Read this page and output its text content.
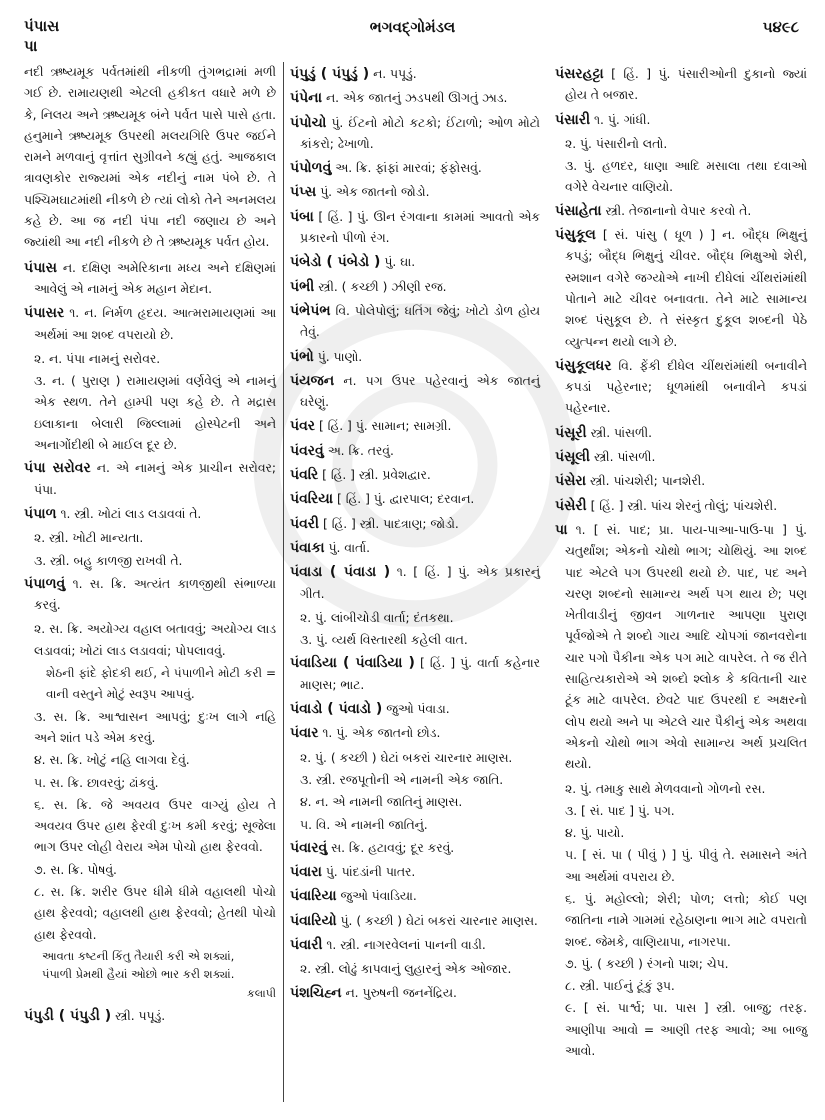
પંપાસ
પા
ભગવદ્ગોમંડલ	૫૪૯૮
નદી ઋષ્યમૂક પર્વતમાંથી નીકળી તુંગભદ્રામાં મળી ગઈ છે. રામાયણથી એટલી હકીકત વધારે મળે છે કે, નિલય અને ઋષ્યમૂક બંને પર્વત પાસે પાસે હતા. હનુમાને ઋષ્યમૂક ઉપરથી મલયગિરિ ઉપર જઈને રામને મળવાનું વૃત્તાંત સુગ્રીવને કહ્યું હતું. આજકાલ ત્રાવણકોર રાજ્યમાં એક નદીનું નામ પંબે છે. તે પશ્ચિમઘાટમાંથી નીકળે છે ત્યાં લોકો તેને અનમલય કહે છે. આ જ નદી પંપા નદી જણાય છે અને જ્યાંથી આ નદી નીકળે છે તે ઋષ્યમૂક પર્વત હોય.
પંપાસ ન. દક્ષિણ અમેરિકાના મધ્ય અને દક્ષિણમાં આવેલું એ નામનું એક મહાન મેદાન.
પંપાસર ૧. ન. નિર્મળ હૃદય. આત્મરામાયણમાં આ અર્થમાં આ શબ્દ વપરાયો છે.
૨. ન. પંપા નામનું સરોવર.
૩. ન. ( પુરાણ ) રામાયણમાં વર્ણવેલું એ નામનું એક સ્થળ. તેને હામ્પી પણ કહે છે. તે મદ્રાસ ઇલાકાના બેલારી જિલ્લામાં હોસ્પેટની અને અનાગોંદીથી બે માઈલ દૂર છે.
પંપા સરોવર ન. એ નામનું એક પ્રાચીન સરોવર; પંપા.
પંપાળ ૧. સ્ત્રી. ખોટાં લાડ લડાવવાં તે.
૨. સ્ત્રી. ખોટી માન્યતા.
૩. સ્ત્રી. બહુ કાળજી રાખવી તે.
પંપાળવું ૧. સ. ક્રિ. અત્યંત કાળજીથી સંભાળ્યા કરવું.
૨. સ. ક્રિ. અયોગ્ય વહાલ બતાવવું; અયોગ્ય લાડ લડાવવાં; ખોટાં લાડ લડાવવાં; પોપલાવવું.
શેઠની ફાંદે ફોદકી થઈ, ને પંપાળીને મોટી કરી = વાની વસ્તુને મોટું સ્વરૂપ આપવું.
૩. સ. ક્રિ. આશ્વાસન આપવું; દુઃખ લાગે નહિ અને શાંત પડે એમ કરવું.
૪. સ. ક્રિ. ખોટું નહિ લાગવા દેવું.
૫. સ. ક્રિ. છાવરવું; ઢાંકવું.
૬. સ. ક્રિ. જે અવયવ ઉપર વાગ્યું હોય તે અવયવ ઉપર હાથ ફેરવી દુઃખ કમી કરવું; સૂજેલા ભાગ ઉપર લોહી વેરાય એમ પોચો હાથ ફેરવવો.
૭. સ. ક્રિ. પોષવું.
૮. સ. ક્રિ. શરીર ઉપર ધીમે ધીમે વહાલથી પોચો હાથ ફેરવવો; વહાલથી હાથ ફેરવવો; હેતથી પોચો હાથ ફેરવવો.
આવતા કષ્ટની કિંતુ તૈયારી કરી એ શક્યાં,
પંપાળી પ્રેમથી હૈયાં ઓછો ભાર કરી શક્યાં.
કલાપી
પંપુડી ( પંપુડી ) સ્ત્રી. પપૂડું.
પંપુડું ( પંપુડું ) ન. પપૂડું.
પંપેના ન. એક જાતનું ઝડપથી ઊગતું ઝાડ.
પંપોચો પું. ઈંટનો મોટો કટકો; ઈંટાળો; ઓળ મોટો કાંકરો; ઢેખાળો.
પંપોળવું અ. ક્રિ. ફાંફાં મારવાં; ફંફોસવું.
પંપ્સ પું. એક જાતનો જોડો.
પંબા [ હિં. ] પું. ઊન રંગવાના કામમાં આવતો એક પ્રકારનો પીળો રંગ.
પંબેડો ( પંબેડો ) પું. ઘા.
પંભી સ્ત્રી. ( કચ્છી ) ઝીણી રજ.
પંભેપંભ વિ. પોલેપોલું; ધતિંગ જેવું; ખોટો ડોળ હોય તેવું.
પંભો પું. પાણો.
પંયજન ન. પગ ઉપર પહેરવાનું એક જાતનું ઘરેણું.
પંવર [ હિં. ] પું. સામાન; સામગ્રી.
પંવરવું અ. ક્રિ. તરવું.
પંવરિ [ હિં. ] સ્ત્રી. પ્રવેશદ્વાર.
પંવરિયા [ હિં. ] પું. દ્વારપાલ; દરવાન.
પંવરી [ હિં. ] સ્ત્રી. પાદત્રાણ; જોડો.
પંવાકા પું. વાર્તા.
પંવાડા ( પંવાડા ) ૧. [ હિં. ] પું. એક પ્રકારનું ગીત.
૨. પું. લાંબીચોડી વાર્તા; દંતકથા.
૩. પું. વ્યર્થ વિસ્તારથી કહેલી વાત.
પંવાડિયા ( પંવાડિયા ) [ હિં. ] પું. વાર્તા કહેનાર માણસ; ભાટ.
પંવાડો ( પંવાડો ) જુઓ પંવાડા.
પંવાર ૧. પું. એક જાતનો છોડ.
૨. પું. ( કચ્છી ) ઘેટાં બકરાં ચારનાર માણસ.
૩. સ્ત્રી. રજપૂતોની એ નામની એક જાતિ.
૪. ન. એ નામની જાતિનું માણસ.
૫. વિ. એ નામની જાતિનું.
પંવારવું સ. ક્રિ. હટાવવું; દૂર કરવું.
પંવારા પું. પાંદડાંની પાતર.
પંવારિયા જુઓ પંવાડિયા.
પંવારિયો પું. ( કચ્છી ) ઘેટાં બકરાં ચારનાર માણસ.
પંવારી ૧. સ્ત્રી. નાગરવેલનાં પાનની વાડી.
૨. સ્ત્રી. લોઢું કાપવાનું લુહારનું એક ઓજાર.
પંશચિહ્ન ન. પુરુષની જનનેંદ્રિય.
પંસરહટ્ટા [ હિં. ] પું. પંસારીઓની દુકાનો જ્યાં હોય તે બજાર.
પંસારી ૧. પું. ગાંધી.
૨. પું. પંસારીનો લતો.
૩. પું. હળદર, ધાણા આદિ મસાલા તથા દવાઓ વગેરે વેચનાર વાણિયો.
પંસાહેતા સ્ત્રી. તેજાનાનો વેપાર કરવો તે.
પંસુકૂલ [ સં. પાંસુ ( ધૂળ ) ] ન. બૌદ્ધ ભિક્ષુનું કપડું; બૌદ્ધ ભિક્ષુનું ચીવર. બૌદ્ધ ભિક્ષુઓ શેરી, સ્મશાન વગેરે જગ્યોએ નાખી દીધેલાં ચીંથરાંમાંથી પોતાને માટે ચીવર બનાવતા. તેને માટે સામાન્ય શબ્દ પંસુકૂલ છે. તે સંસ્કૃત દુકૂલ શબ્દની પેઠે વ્યુત્પન્ન થયો લાગે છે.
પંસુકૂલધર વિ. ફેંકી દીધેલ ચીંથરાંમાંથી બનાવીને કપડાં પહેરનાર; ધૂળમાંથી બનાવીને કપડાં પહેરનાર.
પંસૂરી સ્ત્રી. પાંસળી.
પંસૂલી સ્ત્રી. પાંસળી.
પંસેરા સ્ત્રી. પાંચશેરી; પાનશેરી.
પંસેરી [ હિં. ] સ્ત્રી. પાંચ શેરનું તોલું; પાંચશેરી.
પા ૧. [ સં. પાદ; પ્રા. પાય-પાઆ-પાઉ-પા ] પું. ચતુર્થાંશ; એકનો ચોથો ભાગ; ચોથિયું. આ શબ્દ પાદ એટલે પગ ઉપરથી થયો છે. પાદ, પદ અને ચરણ શબ્દનો સામાન્ય અર્થ પગ થાય છે; પણ ખેતીવાડીનું જીવન ગાળનાર આપણા પુરાણ પૂર્વજોએ તે શબ્દો ગાય આદિ ચોપગાં જાનવરોના ચાર પગો પૈકીના એક પગ માટે વાપરેલ. તે જ રીતે સાહિત્યકારોએ એ શબ્દો શ્લોક કે કવિતાની ચાર ટૂંક માટે વાપરેલ. છેવટે પાદ ઉપરથી દ અક્ષરનો લોપ થયો અને પા એટલે ચાર પૈકીનું એક અથવા એકનો ચોથો ભાગ એવો સામાન્ય અર્થ પ્રચલિત થયો.
૨. પું. તમાકુ સાથે મેળવવાનો ગોળનો રસ.
૩. [ સં. પાદ ] પું. પગ.
૪. પું. પાયો.
૫. [ સં. પા ( પીવું ) ] પું. પીવું તે. સમાસને અંતે આ અર્થમાં વપરાય છે.
૬. પું. મહોલ્લો; શેરી; પોળ; લત્તો; કોઈ પણ જાતિના નામે ગામમાં રહેઠાણના ભાગ માટે વપરાતો શબ્દ. જેમકે, વાણિયાપા, નાગરપા.
૭. પું. ( કચ્છી ) રંગનો પાશ; ચેપ.
૮. સ્ત્રી. પાઈનું ટૂંકું રૂપ.
૯. [ સં. પાર્શ્વ; પા. પાસ ] સ્ત્રી. બાજુ; તરફ. આણીપા આવો = આણી તરફ આવો; આ બાજુ આવો.
